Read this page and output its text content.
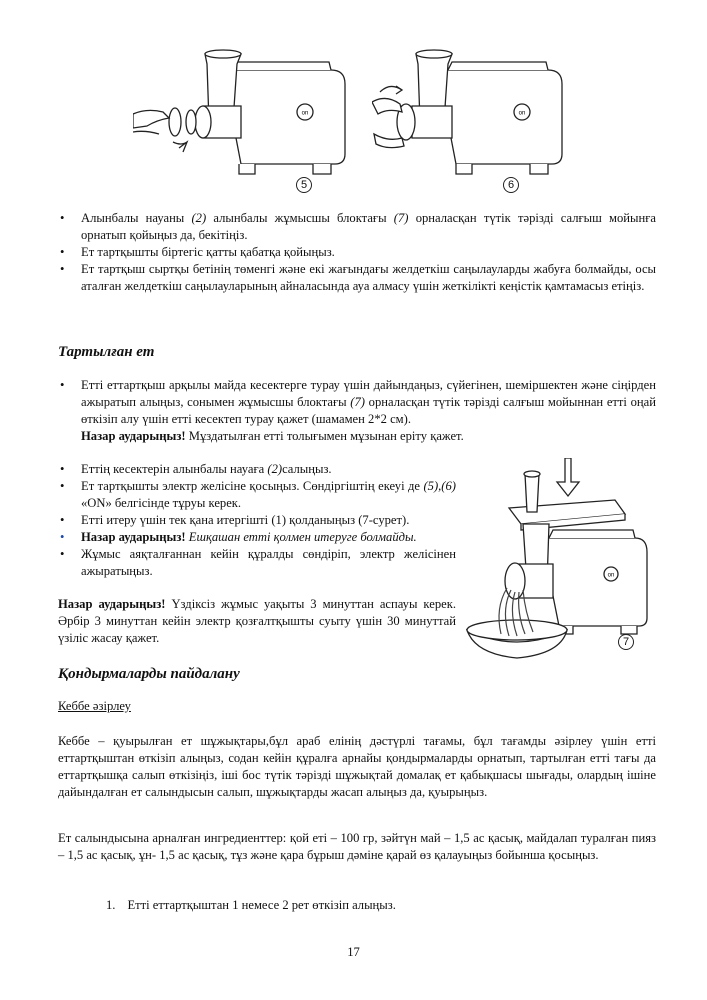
on
5
on
6
• Алынбалы науаны (2) алынбалы жұмысшы блоктағы (7) орналасқан түтік тәрізді салғыш мойынға орнатып қойыңыз да, бекітіңіз.
• Ет тартқышты біртегіс қатты қабатқа қойыңыз.
• Ет тартқыш сыртқы бетінің төменгі және екі жағындағы желдеткіш саңылауларды жабуға болмайды, осы аталған желдеткіш саңылауларының айналасында ауа алмасу үшін жеткілікті кеңістік қамтамасыз етіңіз.
Тартылған ет
• Етті еттартқыш арқылы майда кесектерге турау үшін дайындаңыз, сүйегінен, шеміршектен және сіңірден ажыратып алыңыз, сонымен жұмысшы блоктағы (7) орналасқан түтік тәрізді салғыш мойыннан етті оңай өткізіп алу үшін етті кесектеп турау қажет (шамамен 2*2 см).
Назар аударыңыз! Мұздатылған етті толығымен мұзынан еріту қажет.
• Еттің кесектерін алынбалы науаға (2)салыңыз.
• Ет тартқышты электр желісіне қосыңыз. Сөндіргіштің екеуі де (5),(6) «ON» белгісінде тұруы керек.
• Етті итеру үшін тек қана итергішті (1) қолданыңыз (7-сурет).
• Назар аударыңыз! Ешқашан етті қолмен итеруге болмайды.
• Жұмыс аяқталғаннан кейін құралды сөндіріп, электр желісінен ажыратыңыз.
Назар аударыңыз! Үздіксіз жұмыс уақыты 3 минуттан аспауы керек. Әрбір 3 минуттан кейін электр қозғалтқышты суыту үшін 30 минуттай үзіліс жасау қажет.
on
7
Қондырмаларды пайдалану
Кеббе әзірлеу
Кеббе – қуырылған ет шұжықтары,бұл араб елінің дәстүрлі тағамы, бұл тағамды әзірлеу үшін етті еттартқыштан өткізіп алыңыз, содан кейін құралға арнайы қондырмаларды орнатып, тартылған етті тағы да еттартқышқа салып өткізіңіз, іші бос түтік тәрізді шұжықтай домалақ ет қабықшасы шығады, олардың ішіне дайындалған ет салындысын салып, шұжықтарды жасап алыңыз да, қуырыңыз.
Ет салындысына арналған ингредиенттер: қой еті – 100 гр, зәйтүн май – 1,5 ас қасық, майдалап туралған пияз – 1,5 ас қасық, ұн- 1,5 ас қасық, тұз және қара бұрыш дәміне қарай өз қалауыңыз бойынша қосыңыз.
1. Етті еттартқыштан 1 немесе 2 рет өткізіп алыңыз.
17
